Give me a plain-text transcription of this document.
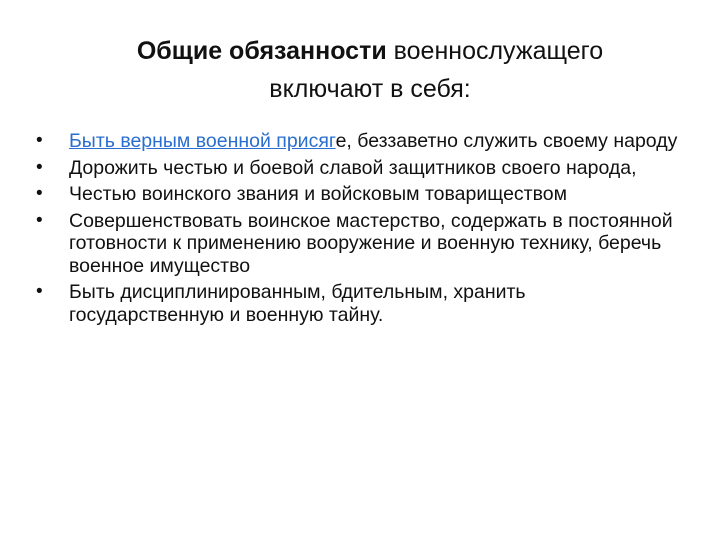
Общие обязанности военнослужащего
включают в себя:
•	Быть верным военной присяге, беззаветно служить своему народу
•	Дорожить честью и боевой славой защитников своего народа,
•	Честью воинского звания и войсковым товариществом
•	Совершенствовать воинское мастерство, содержать в постоянной готовности к применению вооружение и военную технику, беречь военное имущество
•	Быть дисциплинированным, бдительным, хранить государственную и военную тайну.
